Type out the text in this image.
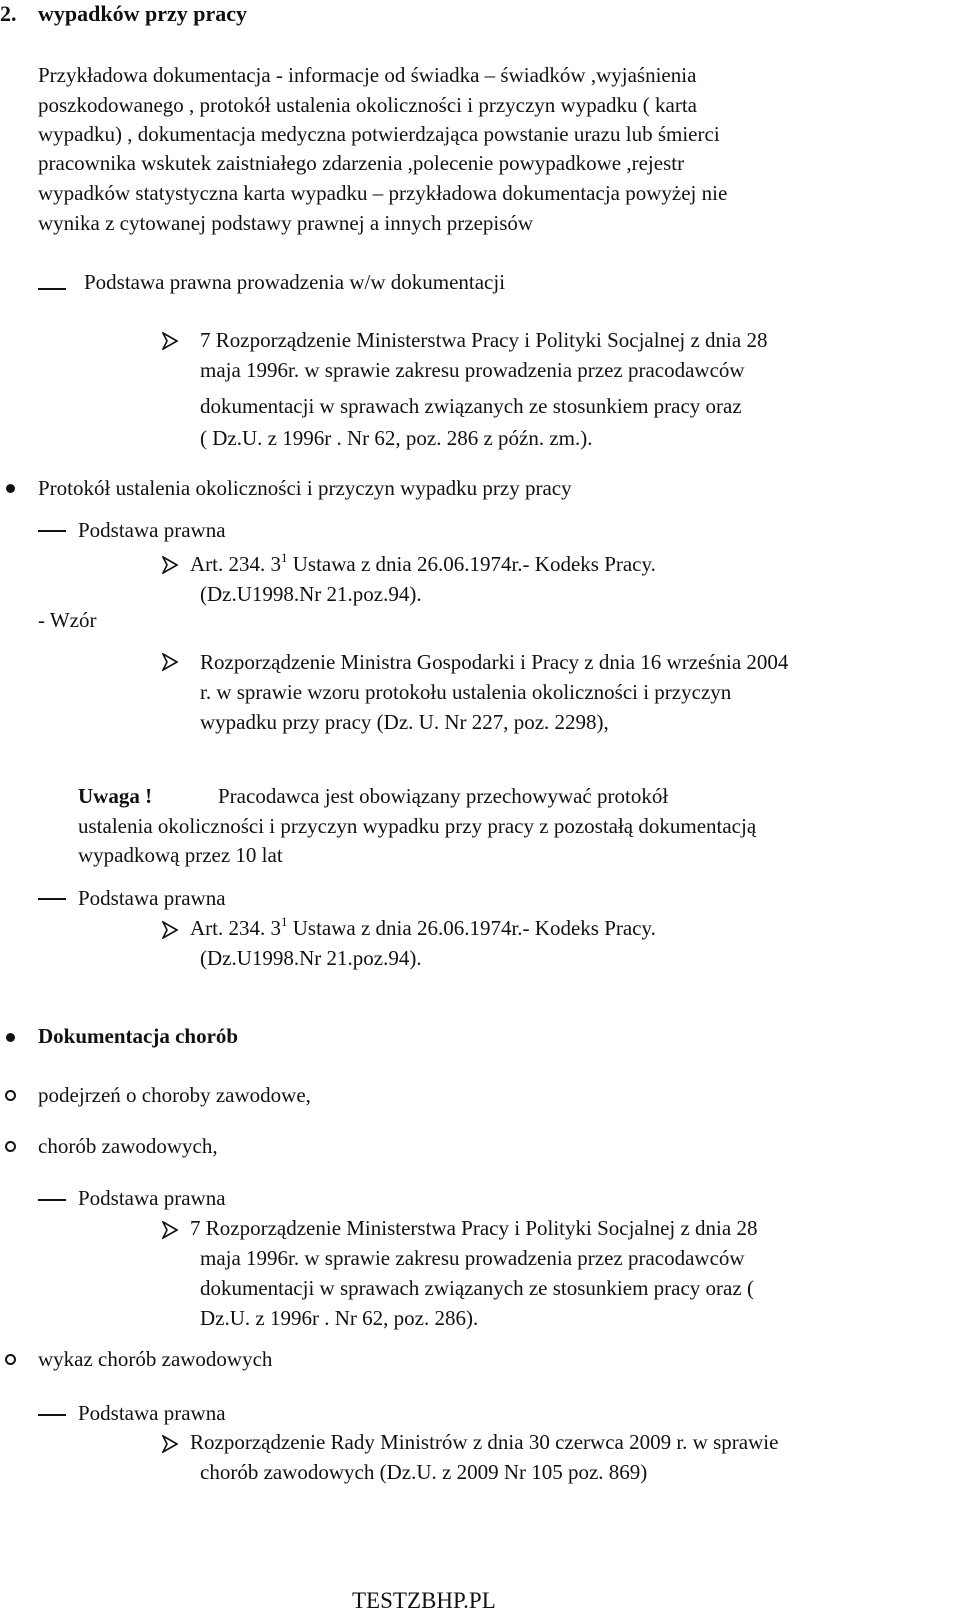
2. wypadków przy pracy
Przykładowa dokumentacja - informacje od świadka – świadków ,wyjaśnienia
poszkodowanego , protokół ustalenia okoliczności i przyczyn wypadku ( karta
wypadku) , dokumentacja medyczna potwierdzająca powstanie urazu lub śmierci
pracownika wskutek zaistniałego zdarzenia ,polecenie powypadkowe ,rejestr
wypadków statystyczna karta wypadku – przykładowa dokumentacja powyżej nie
wynika z cytowanej podstawy prawnej a innych przepisów
Podstawa prawna prowadzenia w/w dokumentacji
7 Rozporządzenie Ministerstwa Pracy i Polityki Socjalnej z dnia 28
maja 1996r. w sprawie zakresu prowadzenia przez pracodawców
dokumentacji w sprawach związanych ze stosunkiem pracy oraz
( Dz.U. z 1996r . Nr 62, poz. 286 z późn. zm.).
Protokół ustalenia okoliczności i przyczyn wypadku przy pracy
Podstawa prawna
Art. 234. $3^1$ Ustawa z dnia 26.06.1974r.- Kodeks Pracy.
(Dz.U1998.Nr 21.poz.94).
- Wzór
Rozporządzenie Ministra Gospodarki i Pracy z dnia 16 września 2004
r. w sprawie wzoru protokołu ustalenia okoliczności i przyczyn
wypadku przy pracy (Dz. U. Nr 227, poz. 2298),
Uwaga !	Pracodawca jest obowiązany przechowywać protokół
ustalenia okoliczności i przyczyn wypadku przy pracy z pozostałą dokumentacją
wypadkową przez 10 lat
Podstawa prawna
Art. 234. $3^1$ Ustawa z dnia 26.06.1974r.- Kodeks Pracy.
(Dz.U1998.Nr 21.poz.94).
Dokumentacja chorób
podejrzeń o choroby zawodowe,
chorób zawodowych,
Podstawa prawna
7 Rozporządzenie Ministerstwa Pracy i Polityki Socjalnej z dnia 28
maja 1996r. w sprawie zakresu prowadzenia przez pracodawców
dokumentacji w sprawach związanych ze stosunkiem pracy oraz (
Dz.U. z 1996r . Nr 62, poz. 286).
wykaz chorób zawodowych
Podstawa prawna
Rozporządzenie Rady Ministrów z dnia 30 czerwca 2009 r. w sprawie
chorób zawodowych (Dz.U. z 2009 Nr 105 poz. 869)
TESTZBHP.PL
